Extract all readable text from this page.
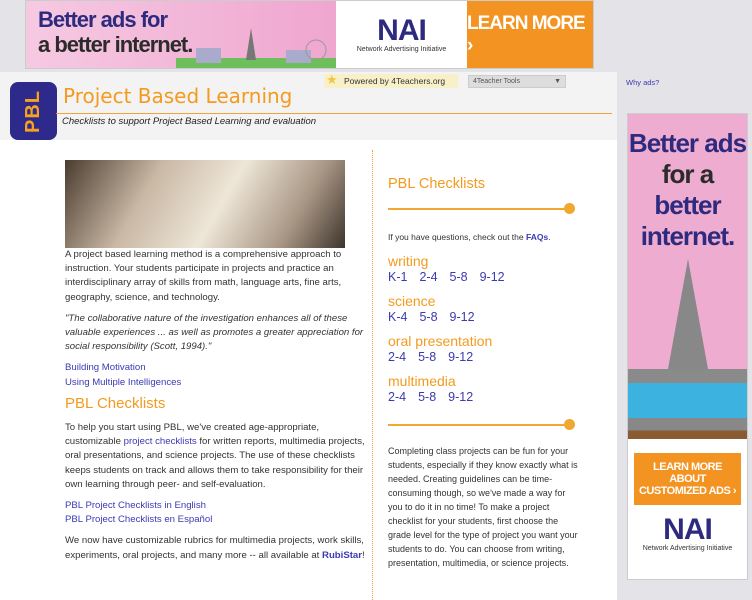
Better ads for
a better internet.	NAI
Network Advertising Initiative
LEARN MORE ›
PBL Project Based Learning
Checklists to support Project Based Learning and evaluation
★ Powered by 4Teachers.org	4Teacher Tools	▼

A project based learning method is a comprehensive approach to instruction. Your students participate in projects and practice an interdisciplinary array of skills from math, language arts, fine arts, geography, science, and technology.

"The collaborative nature of the investigation enhances all of these valuable experiences ... as well as promotes a greater appreciation for social responsibility (Scott, 1994)."

Building Motivation
Using Multiple Intelligences

PBL Checklists

To help you start using PBL, we've created age-appropriate, customizable project checklists for written reports, multimedia projects, oral presentations, and science projects. The use of these checklists keeps students on track and allows them to take responsibility for their own learning through peer- and self-evaluation.

PBL Project Checklists in English
PBL Project Checklists en Español

We now have customizable rubrics for multimedia projects, work skills, experiments, oral projects, and many more -- all available at RubiStar!

PBL Checklists

If you have questions, check out the FAQs.

writing
K-1 2-4 5-8 9-12
science
K-4 5-8 9-12
oral presentation
2-4 5-8 9-12
multimedia
2-4 5-8 9-12

Completing class projects can be fun for your students, especially if they know exactly what is needed. Creating guidelines can be time-consuming though, so we've made a way for you to do it in no time! To make a project checklist for your students, first choose the grade level for the type of project you want your students to do. You can choose from writing, presentation, multimedia, or science projects.

Why ads?
Better ads
for a
better
internet.
LEARN MORE ABOUT CUSTOMIZED ADS ›
NAI
Network Advertising Initiative
